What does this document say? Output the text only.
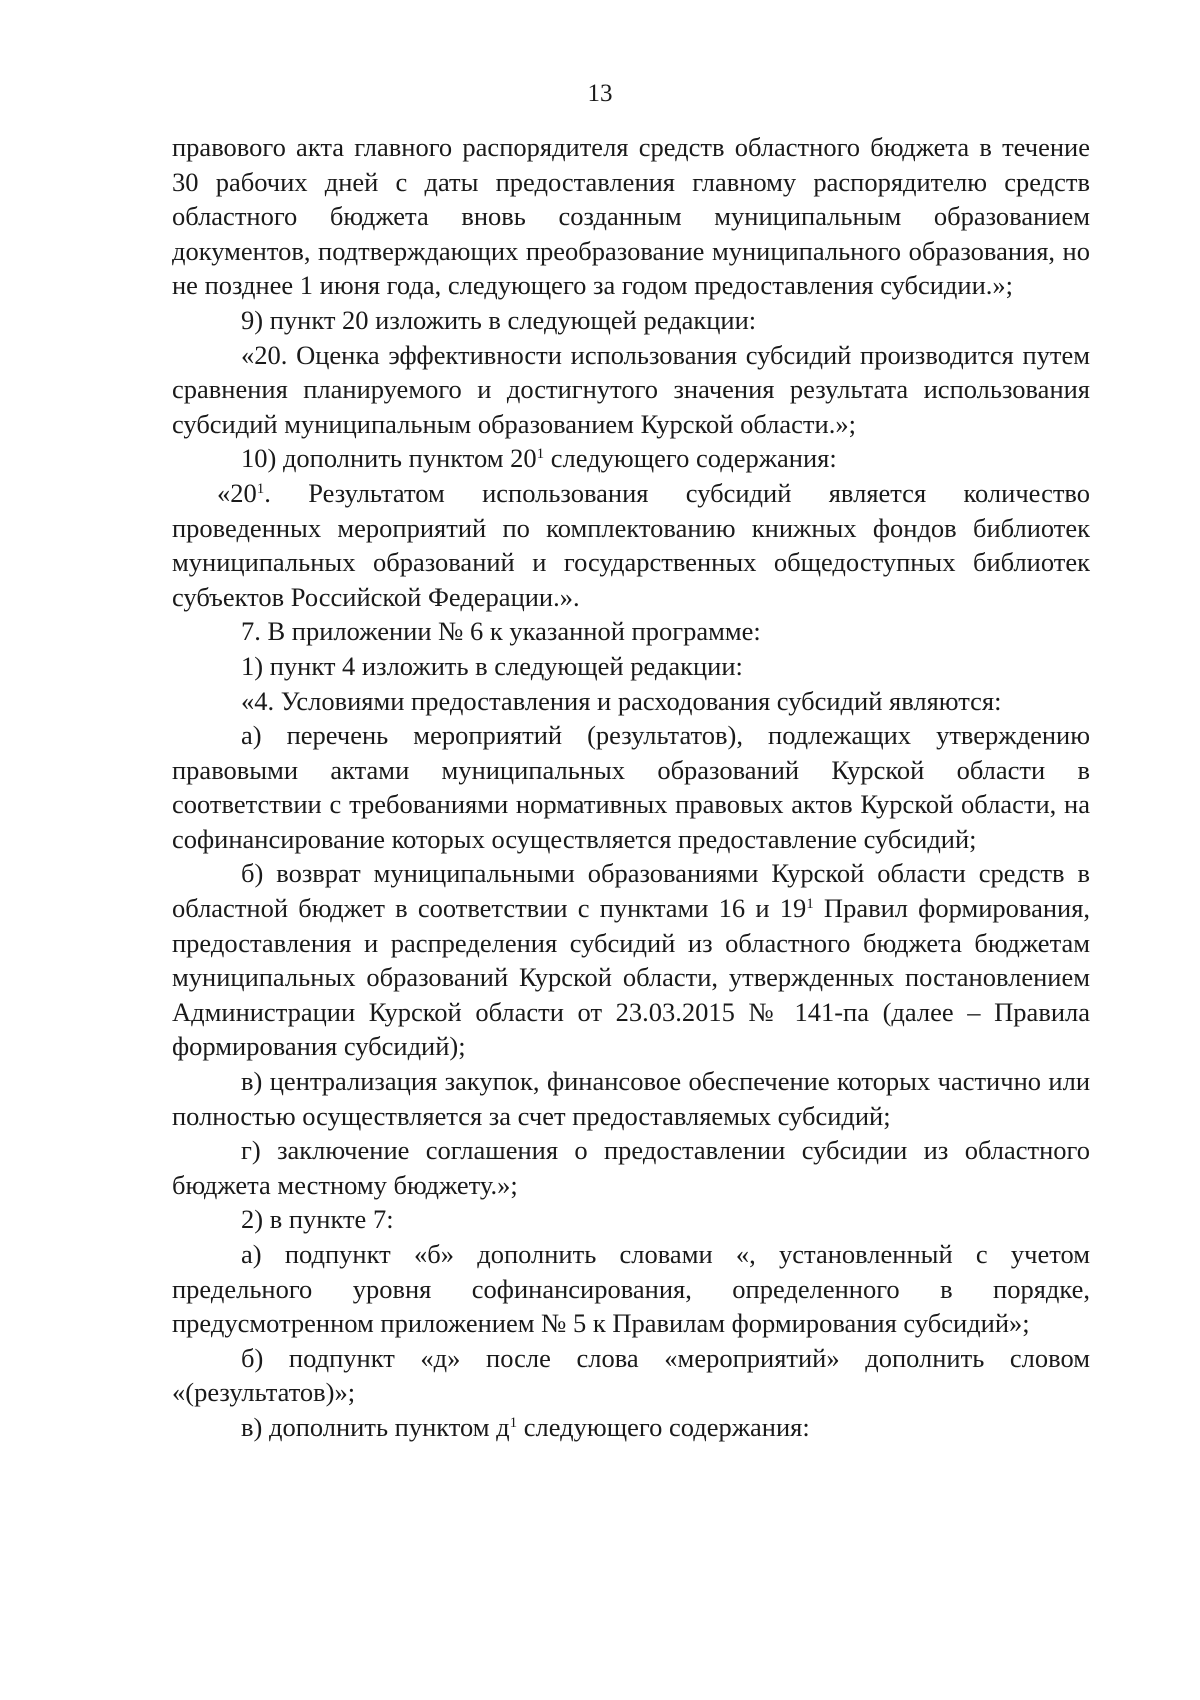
13

правового акта главного распорядителя средств областного бюджета в течение 30 рабочих дней с даты предоставления главному распорядителю средств областного бюджета вновь созданным муниципальным образованием документов, подтверждающих преобразование муниципального образования, но не позднее 1 июня года, следующего за годом предоставления субсидии.»;

9) пункт 20 изложить в следующей редакции:

«20. Оценка эффективности использования субсидий производится путем сравнения планируемого и достигнутого значения результата использования субсидий муниципальным образованием Курской области.»;

10) дополнить пунктом $20^1$ следующего содержания:

«$20^1$. Результатом использования субсидий является количество проведенных мероприятий по комплектованию книжных фондов библиотек муниципальных образований и государственных общедоступных библиотек субъектов Российской Федерации.».

7. В приложении № 6 к указанной программе:

1) пункт 4 изложить в следующей редакции:

«4. Условиями предоставления и расходования субсидий являются:

а) перечень мероприятий (результатов), подлежащих утверждению правовыми актами муниципальных образований Курской области в соответствии с требованиями нормативных правовых актов Курской области, на софинансирование которых осуществляется предоставление субсидий;

б) возврат муниципальными образованиями Курской области средств в областной бюджет в соответствии с пунктами 16 и $19^1$ Правил формирования, предоставления и распределения субсидий из областного бюджета бюджетам муниципальных образований Курской области, утвержденных постановлением Администрации Курской области от 23.03.2015 № 141-па (далее – Правила формирования субсидий);

в) централизация закупок, финансовое обеспечение которых частично или полностью осуществляется за счет предоставляемых субсидий;

г) заключение соглашения о предоставлении субсидии из областного бюджета местному бюджету.»;

2) в пункте 7:

а) подпункт «б» дополнить словами «, установленный с учетом предельного уровня софинансирования, определенного в порядке, предусмотренном приложением № 5 к Правилам формирования субсидий»;

б) подпункт «д» после слова «мероприятий» дополнить словом «(результатов)»;

в) дополнить пунктом $д^1$ следующего содержания:
